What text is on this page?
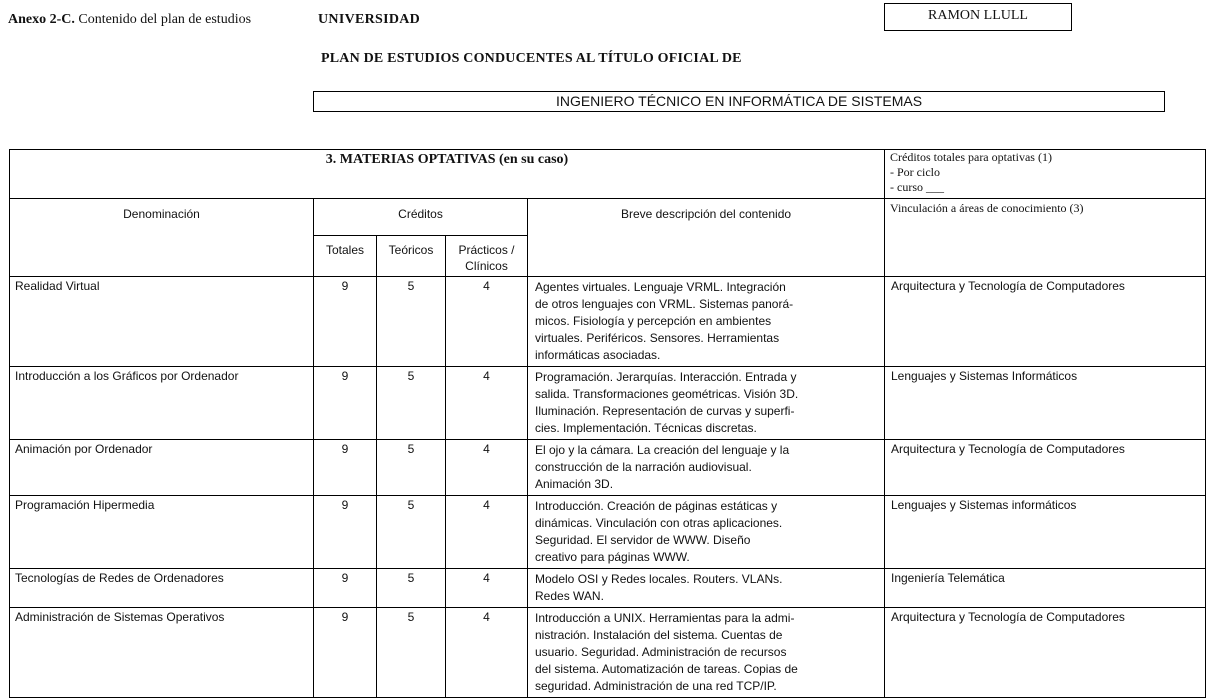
Anexo 2-C. Contenido del plan de estudios	UNIVERSIDAD	RAMON LLULL
PLAN DE ESTUDIOS CONDUCENTES AL TÍTULO OFICIAL DE
INGENIERO TÉCNICO EN INFORMÁTICA DE SISTEMAS
3. MATERIAS OPTATIVAS (en su caso)					Créditos totales para optativas (1)
- Por ciclo
- curso ___

Denominación	Créditos			Breve descripción del contenido	Vinculación a áreas de conocimiento (3)
	Totales	Teóricos	Prácticos / Clínicos		
Realidad Virtual	9	5	4	Agentes virtuales. Lenguaje VRML. Integración
de otros lenguajes con VRML. Sistemas panorá-
micos. Fisiología y percepción en ambientes
virtuales. Periféricos. Sensores. Herramientas
informáticas asociadas.	Arquitectura y Tecnología de Computadores
Introducción a los Gráficos por Ordenador	9	5	4	Programación. Jerarquías. Interacción. Entrada y
salida. Transformaciones geométricas. Visión 3D.
Iluminación. Representación de curvas y superfi-
cies. Implementación. Técnicas discretas.	Lenguajes y Sistemas Informáticos
Animación por Ordenador	9	5	4	El ojo y la cámara. La creación del lenguaje y la
construcción de la narración audiovisual.
Animación 3D.	Arquitectura y Tecnología de Computadores
Programación Hipermedia	9	5	4	Introducción. Creación de páginas estáticas y
dinámicas. Vinculación con otras aplicaciones.
Seguridad. El servidor de WWW. Diseño
creativo para páginas WWW.	Lenguajes y Sistemas informáticos
Tecnologías de Redes de Ordenadores	9	5	4	Modelo OSI y Redes locales. Routers. VLANs.
Redes WAN.	Ingeniería Telemática
Administración de Sistemas Operativos	9	5	4	Introducción a UNIX. Herramientas para la admi-
nistración. Instalación del sistema. Cuentas de
usuario. Seguridad. Administración de recursos
del sistema. Automatización de tareas. Copias de
seguridad. Administración de una red TCP/IP.	Arquitectura y Tecnología de Computadores
